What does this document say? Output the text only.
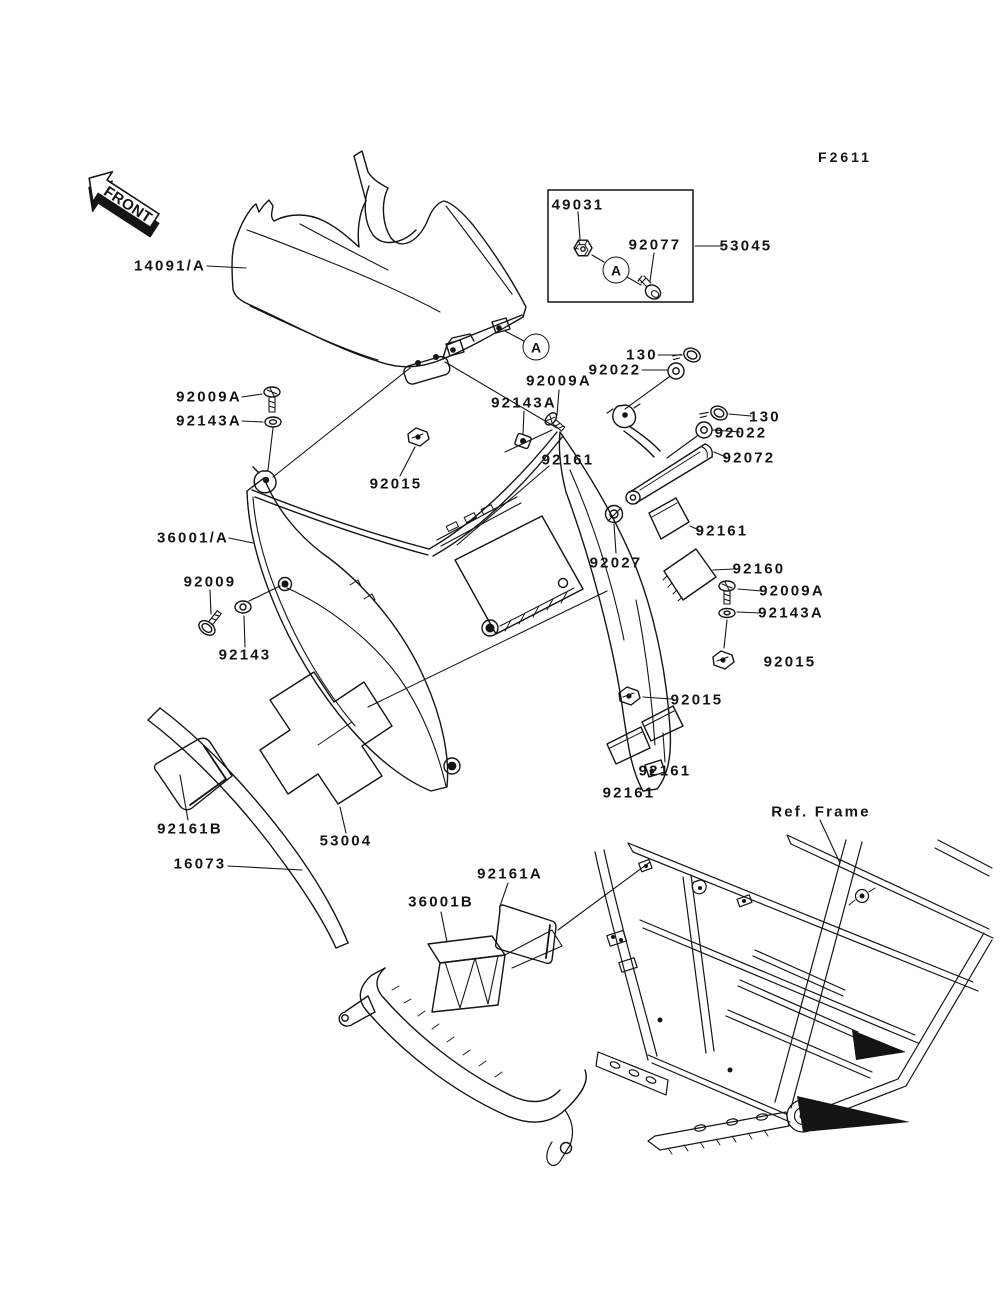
FRONT
F2611
14091/A
49031
92077	53045
130
92022
92009A
92143A
92143A
92009A
92161
92015
130
92022
92072
36001/A	92161
92027	92160
92009A
92143A
92015
92015
92009
92143
92161
92161
Ref. Frame
92161B
53004
16073
92161A
36001B
A
A
